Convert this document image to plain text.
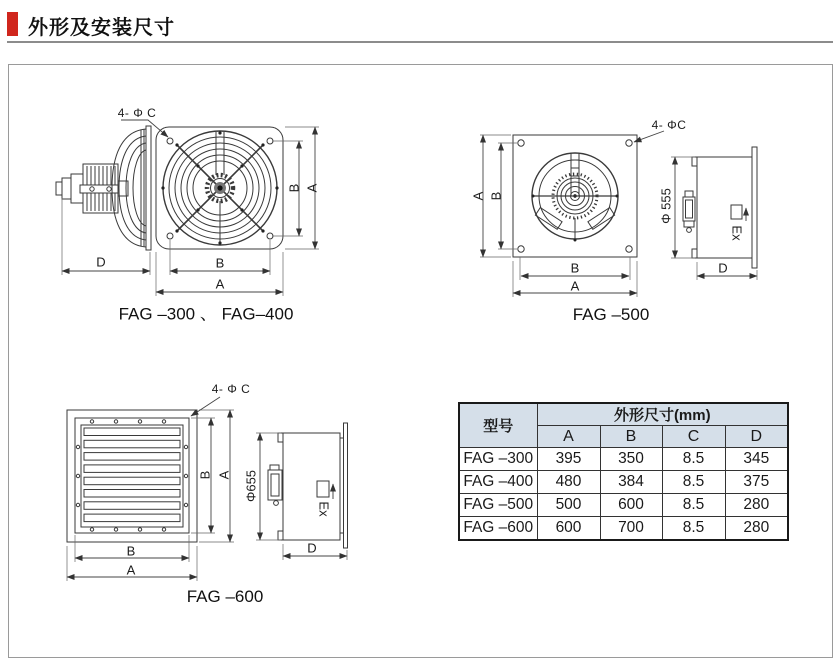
外形及安装尺寸
4- Φ C
B A
B
A
D
FAG –300 、 FAG–400
4- ΦC
A B
B
A
Φ 555
Ex
D
FAG –500
4- Φ C
B A
B
A
Φ655
Ex
D
FAG –600
型号	外形尺寸(mm)			
	A	B	C	D
FAG –300	395	350	8.5	345
FAG –400	480	384	8.5	375
FAG –500	500	600	8.5	280
FAG –600	600	700	8.5	280
